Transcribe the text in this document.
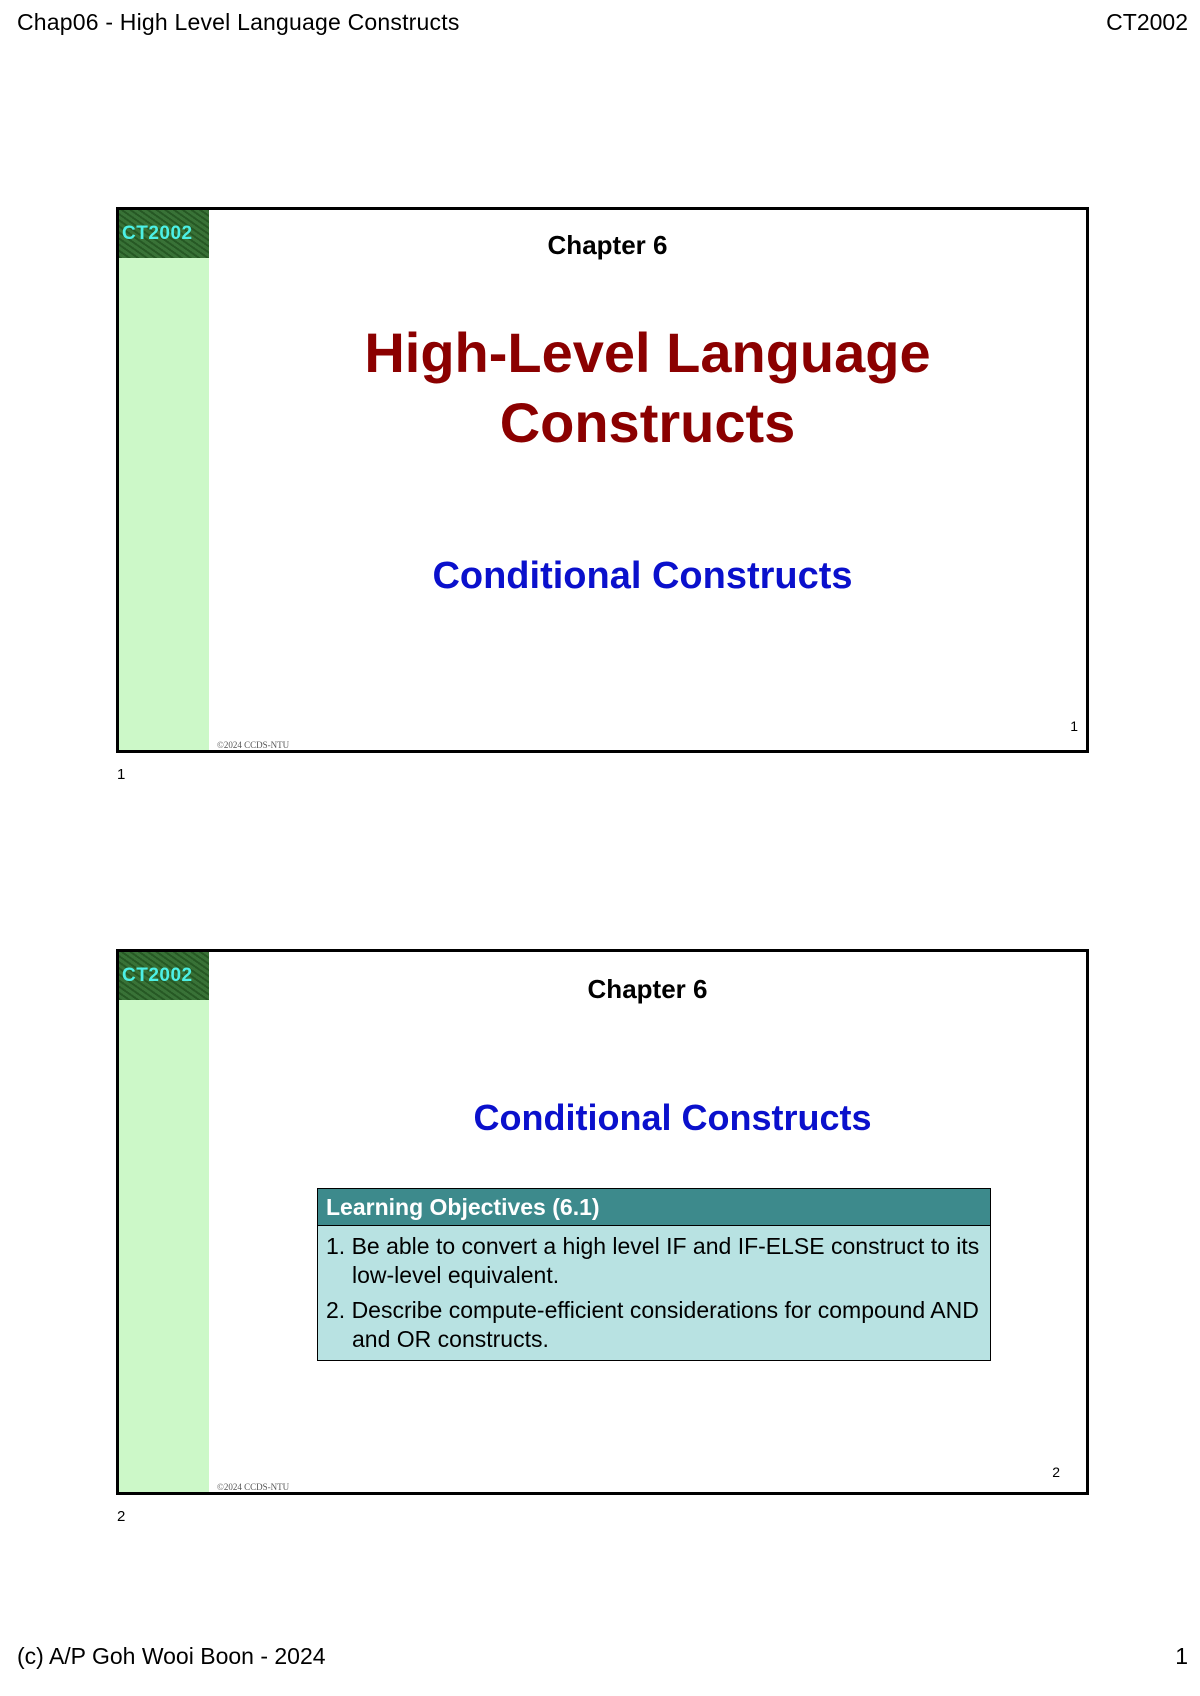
Chap06 - High Level Language Constructs	CT2002
CT2002	Chapter 6
High-Level Language
Constructs
Conditional Constructs
©2024 CCDS-NTU
1
1
CT2002	Chapter 6
Conditional Constructs
Learning Objectives (6.1)
1. Be able to convert a high level IF and IF-ELSE construct to its low-level equivalent.
2. Describe compute-efficient considerations for compound AND and OR constructs.
©2024 CCDS-NTU
2
2
(c) A/P Goh Wooi Boon - 2024	1
